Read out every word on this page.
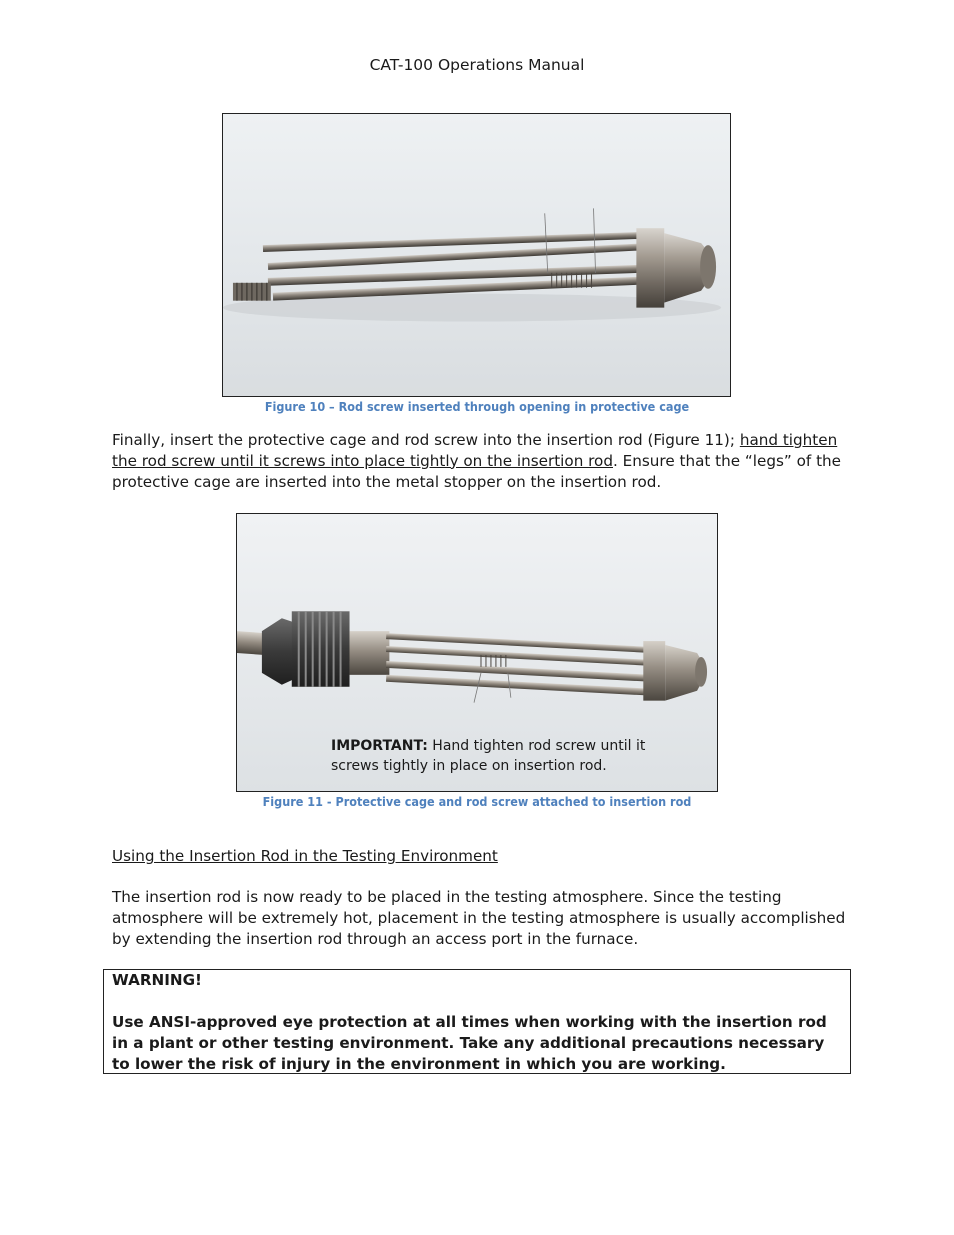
CAT-100 Operations Manual
Figure 10 – Rod screw inserted through opening in protective cage
Finally, insert the protective cage and rod screw into the insertion rod (Figure 11); hand tighten the rod screw until it screws into place tightly on the insertion rod. Ensure that the “legs” of the protective cage are inserted into the metal stopper on the insertion rod.
IMPORTANT: Hand tighten rod screw until it screws tightly in place on insertion rod.
Figure 11 - Protective cage and rod screw attached to insertion rod
Using the Insertion Rod in the Testing Environment
The insertion rod is now ready to be placed in the testing atmosphere. Since the testing atmosphere will be extremely hot, placement in the testing atmosphere is usually accomplished by extending the insertion rod through an access port in the furnace.
WARNING!
Use ANSI-approved eye protection at all times when working with the insertion rod in a plant or other testing environment. Take any additional precautions necessary to lower the risk of injury in the environment in which you are working.
